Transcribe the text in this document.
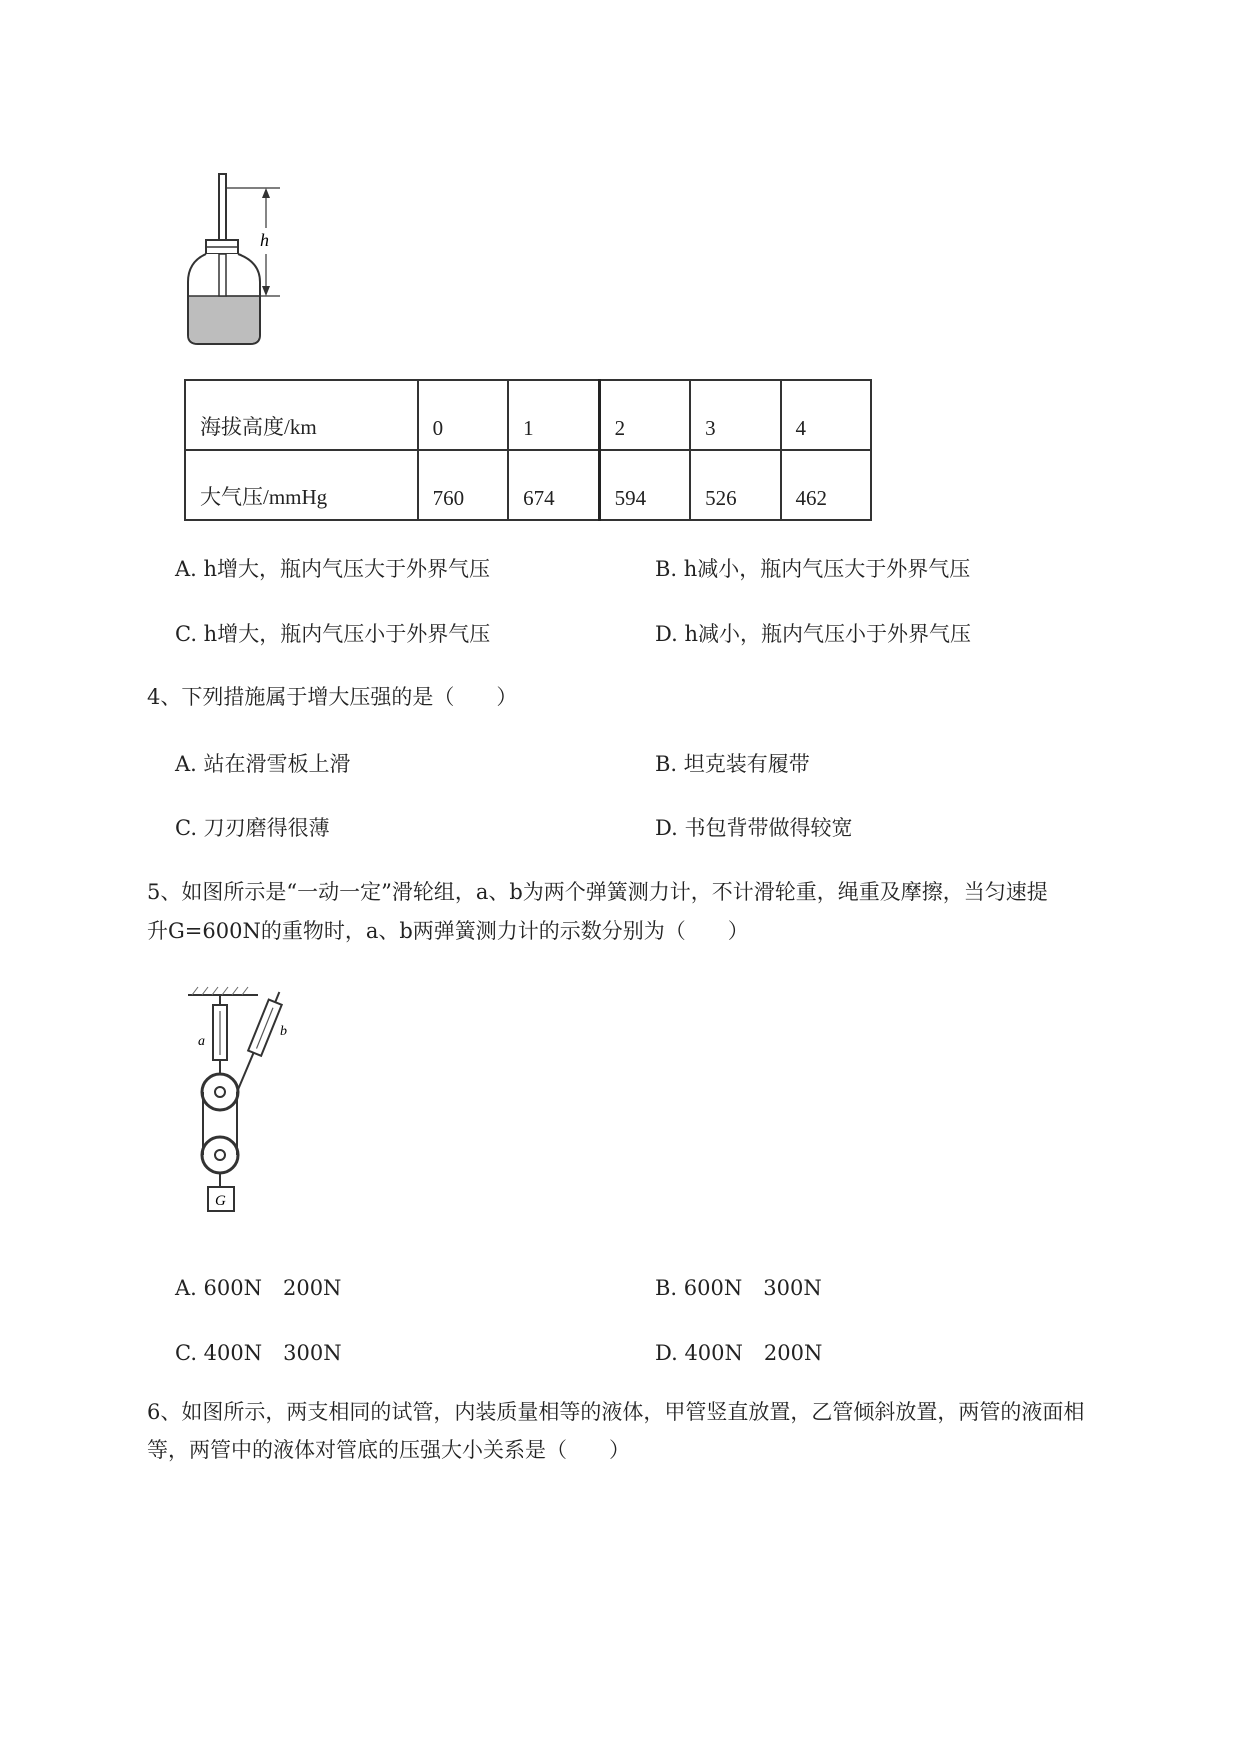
h
海拔高度/km	0	1	2	3	4
大气压/mmHg	760	674	594	526	462
A. h增大，瓶内气压大于外界气压	B. h减小，瓶内气压大于外界气压
C. h增大，瓶内气压小于外界气压	D. h减小，瓶内气压小于外界气压
4、下列措施属于增大压强的是（　　）
A. 站在滑雪板上滑	B. 坦克装有履带
C. 刀刃磨得很薄	D. 书包背带做得较宽
5、如图所示是“一动一定”滑轮组，a、b为两个弹簧测力计，不计滑轮重，绳重及摩擦，当匀速提
升G=600N的重物时，a、b两弹簧测力计的示数分别为（　　）
a
b
G
A. 600N　200N	B. 600N　300N
C. 400N　300N	D. 400N　200N
6、如图所示，两支相同的试管，内装质量相等的液体，甲管竖直放置，乙管倾斜放置，两管的液面相
等，两管中的液体对管底的压强大小关系是（　　）
